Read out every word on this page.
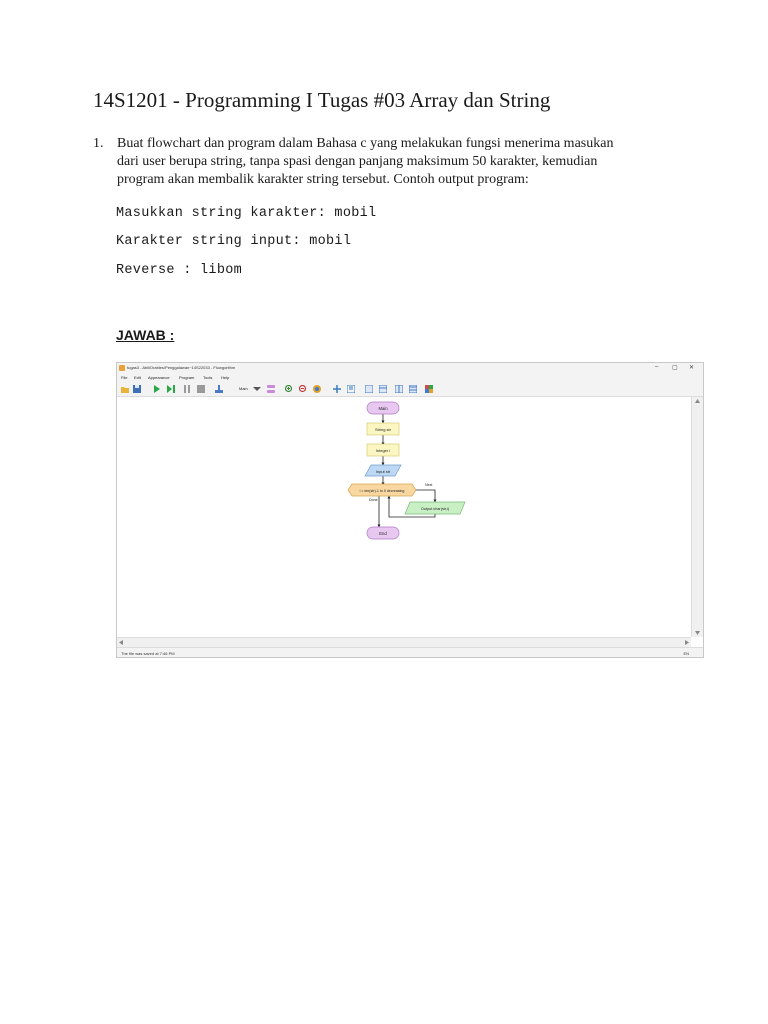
14S1201 - Programming I Tugas #03 Array dan String
1. Buat flowchart dan program dalam Bahasa c yang melakukan fungsi menerima masukan
dari user berupa string, tanpa spasi dengan panjang maksimum 50 karakter, kemudian
program akan membalik karakter string tersebut. Contoh output program:
Masukkan string karakter: mobil
Karakter string input: mobil
Reverse : libom
JAWAB :
tugas3 - AbiliOrables/Penggalawan~14S22033 - Flowgorithm	– ▢ ✕
File Edit Appearance Program Tools Help
Main
Main
String str
Integer i
Input str
i = len(str)-1 to 0 decreasing
Next
Done
Output char(str,i)
End
The file was saved at 7:46 PM	EN
